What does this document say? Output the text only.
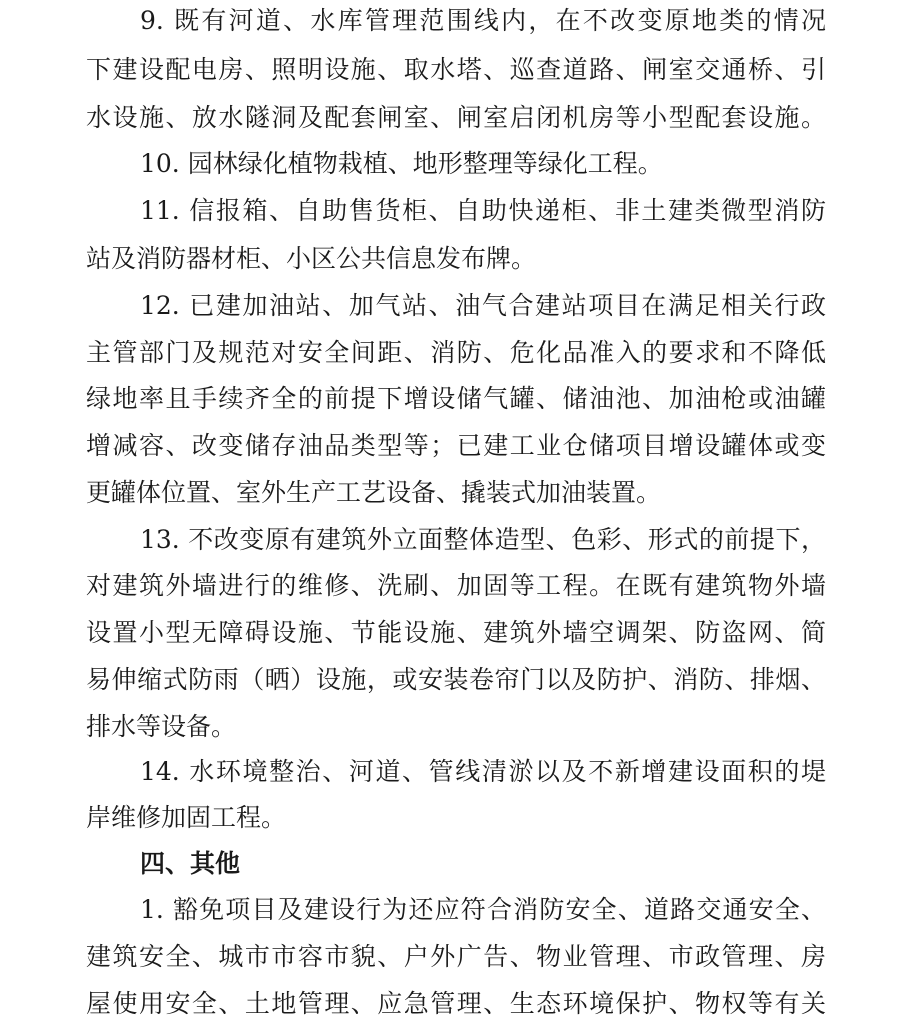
9. 既有河道、水库管理范围线内，在不改变原地类的情况
下建设配电房、照明设施、取水塔、巡查道路、闸室交通桥、引
水设施、放水隧洞及配套闸室、闸室启闭机房等小型配套设施。
10. 园林绿化植物栽植、地形整理等绿化工程。
11. 信报箱、自助售货柜、自助快递柜、非土建类微型消防
站及消防器材柜、小区公共信息发布牌。
12. 已建加油站、加气站、油气合建站项目在满足相关行政
主管部门及规范对安全间距、消防、危化品准入的要求和不降低
绿地率且手续齐全的前提下增设储气罐、储油池、加油枪或油罐
增减容、改变储存油品类型等；已建工业仓储项目增设罐体或变
更罐体位置、室外生产工艺设备、撬装式加油装置。
13. 不改变原有建筑外立面整体造型、色彩、形式的前提下，
对建筑外墙进行的维修、洗刷、加固等工程。在既有建筑物外墙
设置小型无障碍设施、节能设施、建筑外墙空调架、防盗网、简
易伸缩式防雨（晒）设施，或安装卷帘门以及防护、消防、排烟、
排水等设备。
14. 水环境整治、河道、管线清淤以及不新增建设面积的堤
岸维修加固工程。
四、其他
1. 豁免项目及建设行为还应符合消防安全、道路交通安全、
建筑安全、城市市容市貌、户外广告、物业管理、市政管理、房
屋使用安全、土地管理、应急管理、生态环境保护、物权等有关
